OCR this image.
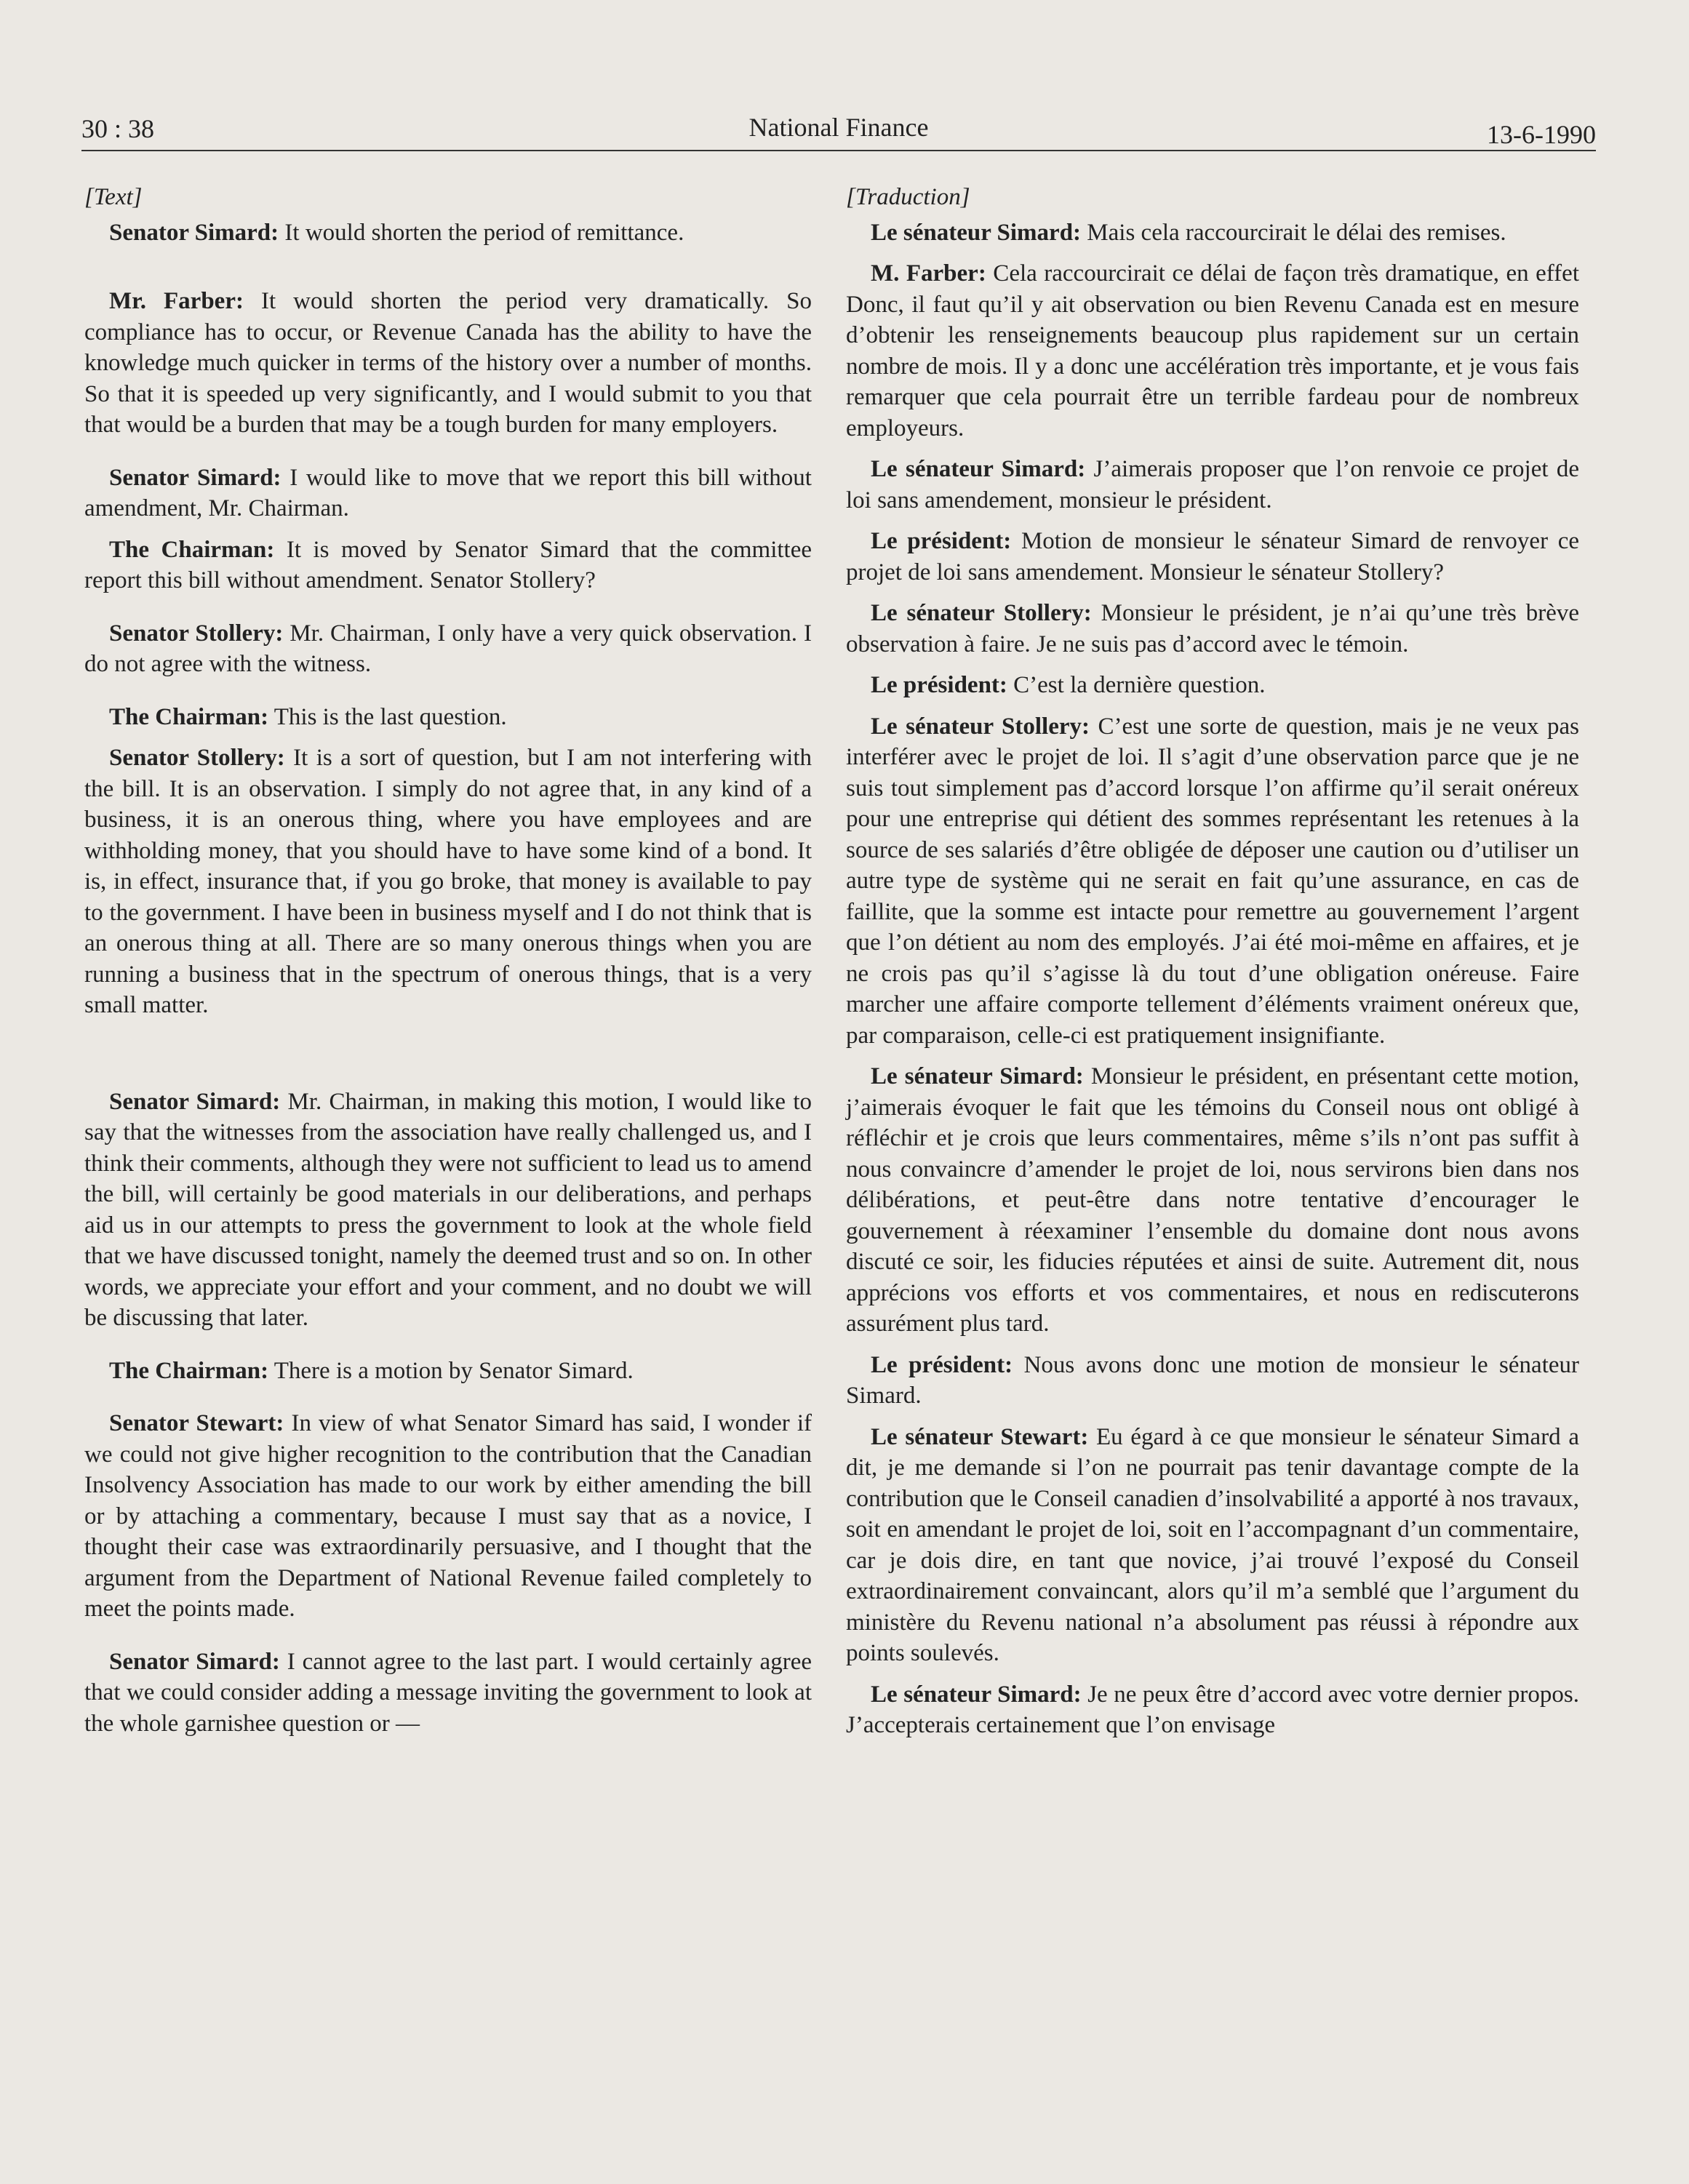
30 : 38	National Finance	13-6-1990

[Text]

Senator Simard: It would shorten the period of remittance.

Mr. Farber: It would shorten the period very dramatically. So compliance has to occur, or Revenue Canada has the ability to have the knowledge much quicker in terms of the history over a number of months. So that it is speeded up very significantly, and I would submit to you that that would be a burden that may be a tough burden for many employers.

Senator Simard: I would like to move that we report this bill without amendment, Mr. Chairman.

The Chairman: It is moved by Senator Simard that the committee report this bill without amendment. Senator Stollery?

Senator Stollery: Mr. Chairman, I only have a very quick observation. I do not agree with the witness.

The Chairman: This is the last question.

Senator Stollery: It is a sort of question, but I am not interfering with the bill. It is an observation. I simply do not agree that, in any kind of a business, it is an onerous thing, where you have employees and are withholding money, that you should have to have some kind of a bond. It is, in effect, insurance that, if you go broke, that money is available to pay to the government. I have been in business myself and I do not think that is an onerous thing at all. There are so many onerous things when you are running a business that in the spectrum of onerous things, that is a very small matter.

Senator Simard: Mr. Chairman, in making this motion, I would like to say that the witnesses from the association have really challenged us, and I think their comments, although they were not sufficient to lead us to amend the bill, will certainly be good materials in our deliberations, and perhaps aid us in our attempts to press the government to look at the whole field that we have discussed tonight, namely the deemed trust and so on. In other words, we appreciate your effort and your comment, and no doubt we will be discussing that later.

The Chairman: There is a motion by Senator Simard.

Senator Stewart: In view of what Senator Simard has said, I wonder if we could not give higher recognition to the contribution that the Canadian Insolvency Association has made to our work by either amending the bill or by attaching a commentary, because I must say that as a novice, I thought their case was extraordinarily persuasive, and I thought that the argument from the Department of National Revenue failed completely to meet the points made.

Senator Simard: I cannot agree to the last part. I would certainly agree that we could consider adding a message inviting the government to look at the whole garnishee question or —

[Traduction]

Le sénateur Simard: Mais cela raccourcirait le délai des remises.

M. Farber: Cela raccourcirait ce délai de façon très dramatique, en effet Donc, il faut qu’il y ait observation ou bien Revenu Canada est en mesure d’obtenir les renseignements beaucoup plus rapidement sur un certain nombre de mois. Il y a donc une accélération très importante, et je vous fais remarquer que cela pourrait être un terrible fardeau pour de nombreux employeurs.

Le sénateur Simard: J’aimerais proposer que l’on renvoie ce projet de loi sans amendement, monsieur le président.

Le président: Motion de monsieur le sénateur Simard de renvoyer ce projet de loi sans amendement. Monsieur le sénateur Stollery?

Le sénateur Stollery: Monsieur le président, je n’ai qu’une très brève observation à faire. Je ne suis pas d’accord avec le témoin.

Le président: C’est la dernière question.

Le sénateur Stollery: C’est une sorte de question, mais je ne veux pas interférer avec le projet de loi. Il s’agit d’une observation parce que je ne suis tout simplement pas d’accord lorsque l’on affirme qu’il serait onéreux pour une entreprise qui détient des sommes représentant les retenues à la source de ses salariés d’être obligée de déposer une caution ou d’utiliser un autre type de système qui ne serait en fait qu’une assurance, en cas de faillite, que la somme est intacte pour remettre au gouvernement l’argent que l’on détient au nom des employés. J’ai été moi-même en affaires, et je ne crois pas qu’il s’agisse là du tout d’une obligation onéreuse. Faire marcher une affaire comporte tellement d’éléments vraiment onéreux que, par comparaison, celle-ci est pratiquement insignifiante.

Le sénateur Simard: Monsieur le président, en présentant cette motion, j’aimerais évoquer le fait que les témoins du Conseil nous ont obligé à réfléchir et je crois que leurs commentaires, même s’ils n’ont pas suffit à nous convaincre d’amender le projet de loi, nous servirons bien dans nos délibérations, et peut-être dans notre tentative d’encourager le gouvernement à réexaminer l’ensemble du domaine dont nous avons discuté ce soir, les fiducies réputées et ainsi de suite. Autrement dit, nous apprécions vos efforts et vos commentaires, et nous en rediscuterons assurément plus tard.

Le président: Nous avons donc une motion de monsieur le sénateur Simard.

Le sénateur Stewart: Eu égard à ce que monsieur le sénateur Simard a dit, je me demande si l’on ne pourrait pas tenir davantage compte de la contribution que le Conseil canadien d’insolvabilité a apporté à nos travaux, soit en amendant le projet de loi, soit en l’accompagnant d’un commentaire, car je dois dire, en tant que novice, j’ai trouvé l’exposé du Conseil extraordinairement convaincant, alors qu’il m’a semblé que l’argument du ministère du Revenu national n’a absolument pas réussi à répondre aux points soulevés.

Le sénateur Simard: Je ne peux être d’accord avec votre dernier propos. J’accepterais certainement que l’on envisage
